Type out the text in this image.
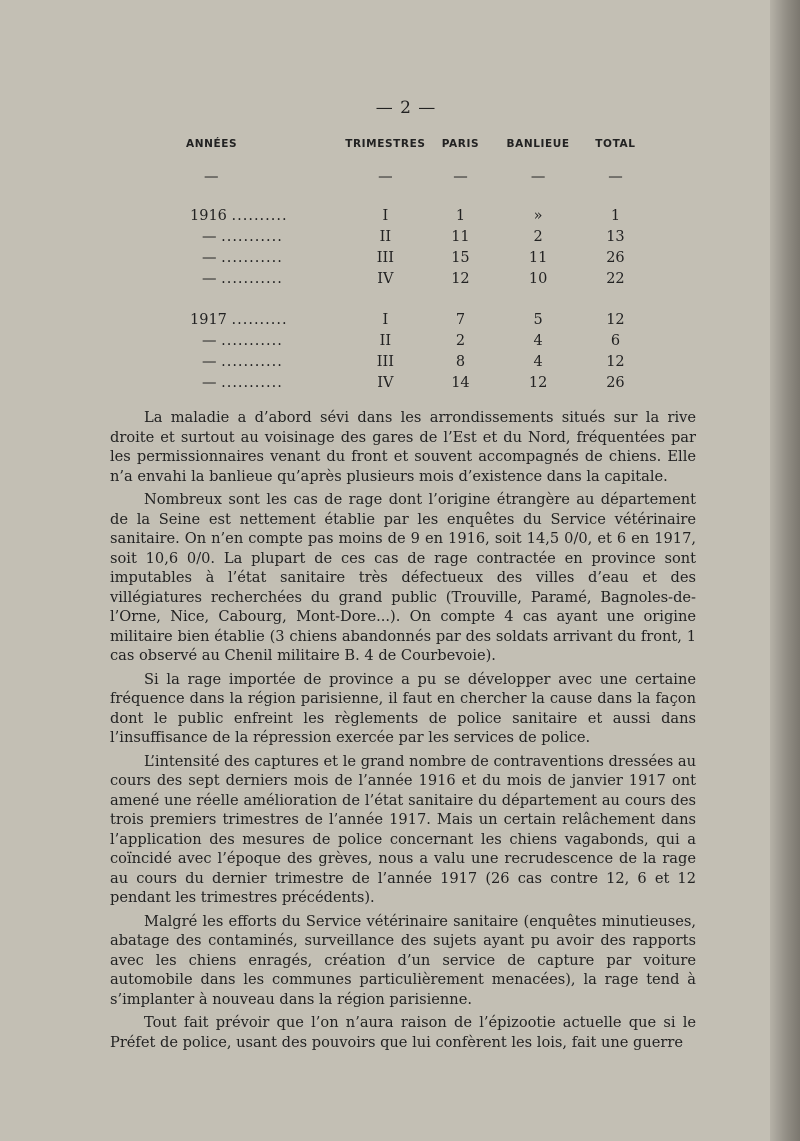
— 2 —
ANNÉES	TRIMESTRES	PARIS	BANLIEUE	TOTAL
—	—	—	—	—
1916 ..........	I	1	»	1
— ...........	II	11	2	13
— ...........	III	15	11	26
— ...........	IV	12	10	22

1917 ..........	I	7	5	12
— ...........	II	2	4	6
— ...........	III	8	4	12
— ...........	IV	14	12	26

La maladie a d’abord sévi dans les arrondissements situés sur la rive droite et surtout au voisinage des gares de l’Est et du Nord, fréquentées par les permissionnaires venant du front et souvent accompagnés de chiens. Elle n’a envahi la banlieue qu’après plusieurs mois d’existence dans la capitale.

Nombreux sont les cas de rage dont l’origine étrangère au département de la Seine est nettement établie par les enquêtes du Service vétérinaire sanitaire. On n’en compte pas moins de 9 en 1916, soit 14,5 0/0, et 6 en 1917, soit 10,6 0/0. La plupart de ces cas de rage contractée en province sont imputables à l’état sanitaire très défectueux des villes d’eau et des villégiatures recherchées du grand public (Trouville, Paramé, Bagnoles-de-l’Orne, Nice, Cabourg, Mont-Dore...). On compte 4 cas ayant une origine militaire bien établie (3 chiens abandonnés par des soldats arrivant du front, 1 cas observé au Chenil militaire B. 4 de Courbevoie).

Si la rage importée de province a pu se développer avec une certaine fréquence dans la région parisienne, il faut en chercher la cause dans la façon dont le public enfreint les règlements de police sanitaire et aussi dans l’insuffisance de la répression exercée par les services de police.

L’intensité des captures et le grand nombre de contraventions dressées au cours des sept derniers mois de l’année 1916 et du mois de janvier 1917 ont amené une réelle amélioration de l’état sanitaire du département au cours des trois premiers trimestres de l’année 1917. Mais un certain relâchement dans l’application des mesures de police concernant les chiens vagabonds, qui a coïncidé avec l’époque des grèves, nous a valu une recrudescence de la rage au cours du dernier trimestre de l’année 1917 (26 cas contre 12, 6 et 12 pendant les trimestres précédents).

Malgré les efforts du Service vétérinaire sanitaire (enquêtes minutieuses, abatage des contaminés, surveillance des sujets ayant pu avoir des rapports avec les chiens enragés, création d’un service de capture par voiture automobile dans les communes particulièrement menacées), la rage tend à s’implanter à nouveau dans la région parisienne.

Tout fait prévoir que l’on n’aura raison de l’épizootie actuelle que si le Préfet de police, usant des pouvoirs que lui confèrent les lois, fait une guerre
